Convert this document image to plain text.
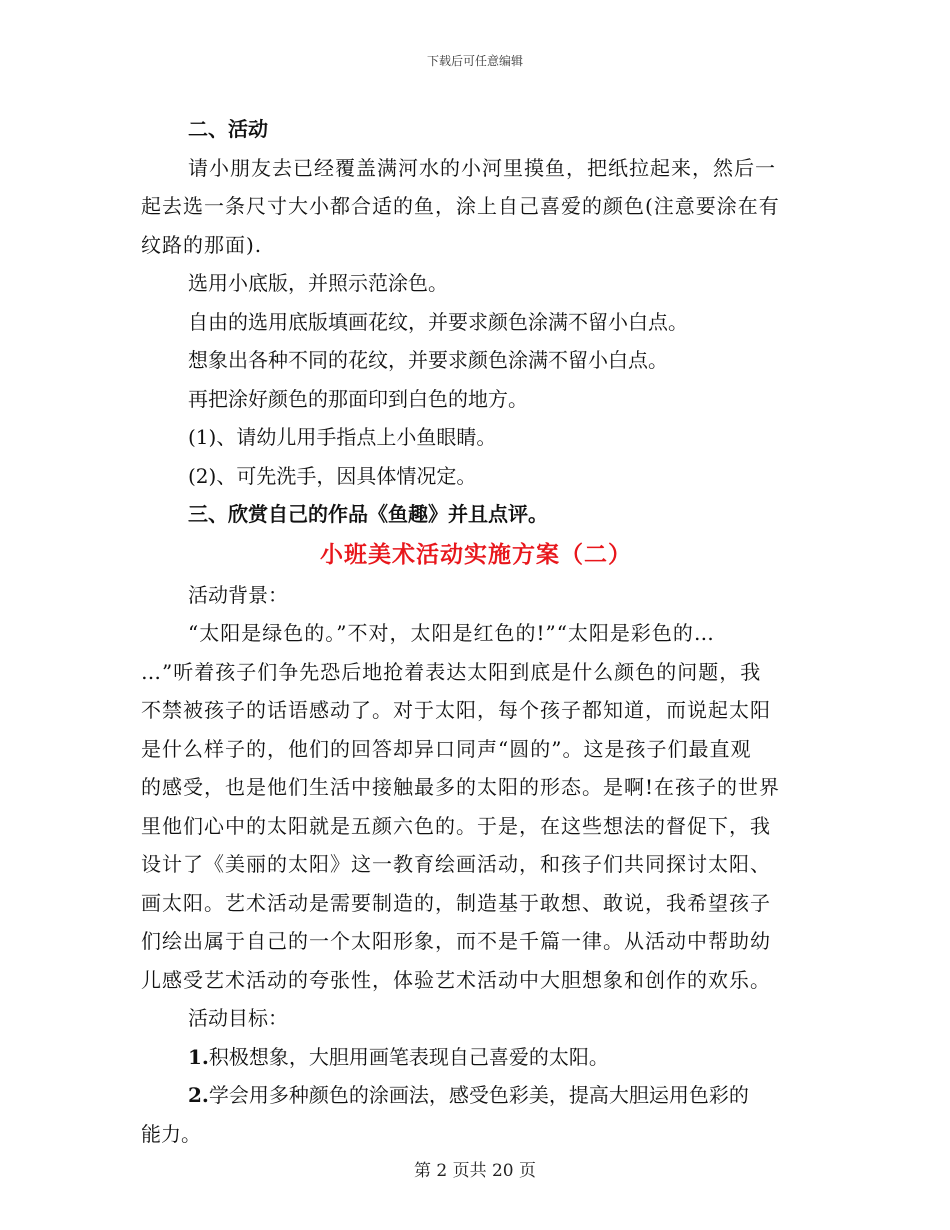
下载后可任意编辑
二、活动
请小朋友去已经覆盖满河水的小河里摸鱼，把纸拉起来，然后一
起去选一条尺寸大小都合适的鱼，涂上自己喜爱的颜色(注意要涂在有
纹路的那面).
选用小底版，并照示范涂色。
自由的选用底版填画花纹，并要求颜色涂满不留小白点。
想象出各种不同的花纹，并要求颜色涂满不留小白点。
再把涂好颜色的那面印到白色的地方。
(1)、请幼儿用手指点上小鱼眼睛。
(2)、可先洗手，因具体情况定。
三、欣赏自己的作品《鱼趣》并且点评。
小班美术活动实施方案（二）
活动背景：
“太阳是绿色的。”不对，太阳是红色的!”“太阳是彩色的…
…”听着孩子们争先恐后地抢着表达太阳到底是什么颜色的问题，我
不禁被孩子的话语感动了。对于太阳，每个孩子都知道，而说起太阳
是什么样子的，他们的回答却异口同声“圆的”。这是孩子们最直观
的感受，也是他们生活中接触最多的太阳的形态。是啊!在孩子的世界
里他们心中的太阳就是五颜六色的。于是，在这些想法的督促下，我
设计了《美丽的太阳》这一教育绘画活动，和孩子们共同探讨太阳、
画太阳。艺术活动是需要制造的，制造基于敢想、敢说，我希望孩子
们绘出属于自己的一个太阳形象，而不是千篇一律。从活动中帮助幼
儿感受艺术活动的夸张性，体验艺术活动中大胆想象和创作的欢乐。
活动目标：
1.积极想象，大胆用画笔表现自己喜爱的太阳。
2.学会用多种颜色的涂画法，感受色彩美，提高大胆运用色彩的
能力。
第 2 页共 20 页
